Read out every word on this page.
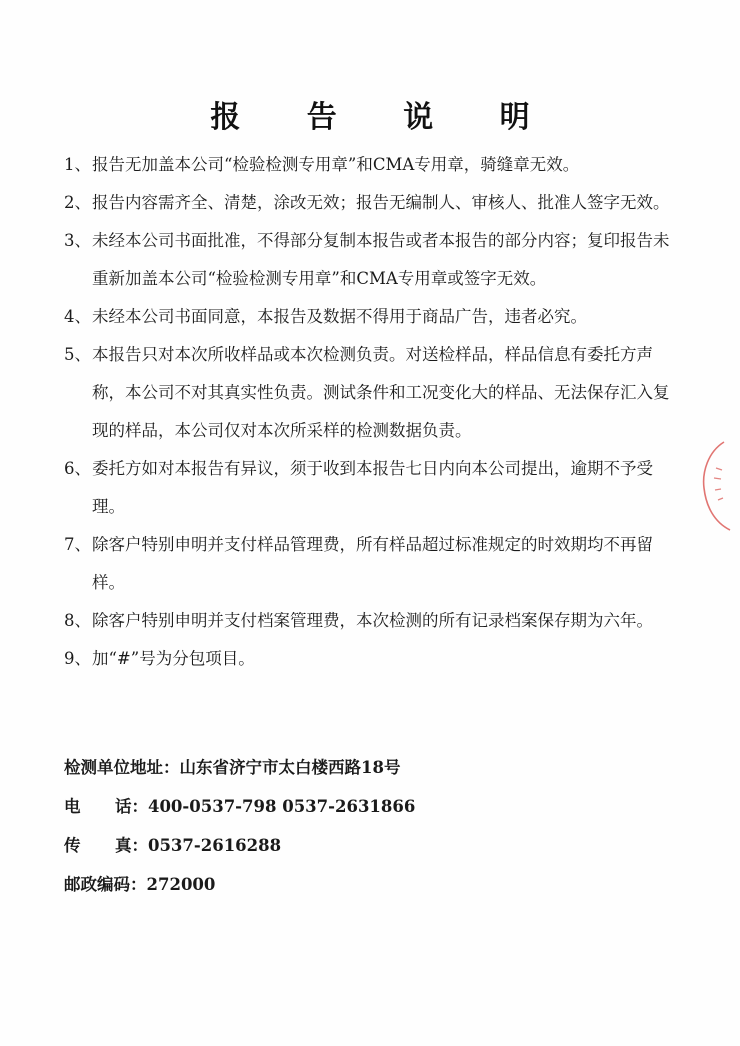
报 告 说 明
1、 报告无加盖本公司“检验检测专用章”和CMA专用章，骑缝章无效。
2、 报告内容需齐全、清楚，涂改无效；报告无编制人、审核人、批准人签字无效。
3、 未经本公司书面批准，不得部分复制本报告或者本报告的部分内容；复印报告未重新加盖本公司“检验检测专用章”和CMA专用章或签字无效。
4、 未经本公司书面同意，本报告及数据不得用于商品广告，违者必究。
5、 本报告只对本次所收样品或本次检测负责。对送检样品，样品信息有委托方声称，本公司不对其真实性负责。测试条件和工况变化大的样品、无法保存汇入复现的样品，本公司仅对本次所采样的检测数据负责。
6、 委托方如对本报告有异议，须于收到本报告七日内向本公司提出，逾期不予受理。
7、 除客户特别申明并支付样品管理费，所有样品超过标准规定的时效期均不再留样。
8、 除客户特别申明并支付档案管理费，本次检测的所有记录档案保存期为六年。
9、 加“#”号为分包项目。
检测单位地址： 山东省济宁市太白楼西路18号
电      话： 400-0537-798 0537-2631866
传      真： 0537-2616288
邮政编码： 272000
